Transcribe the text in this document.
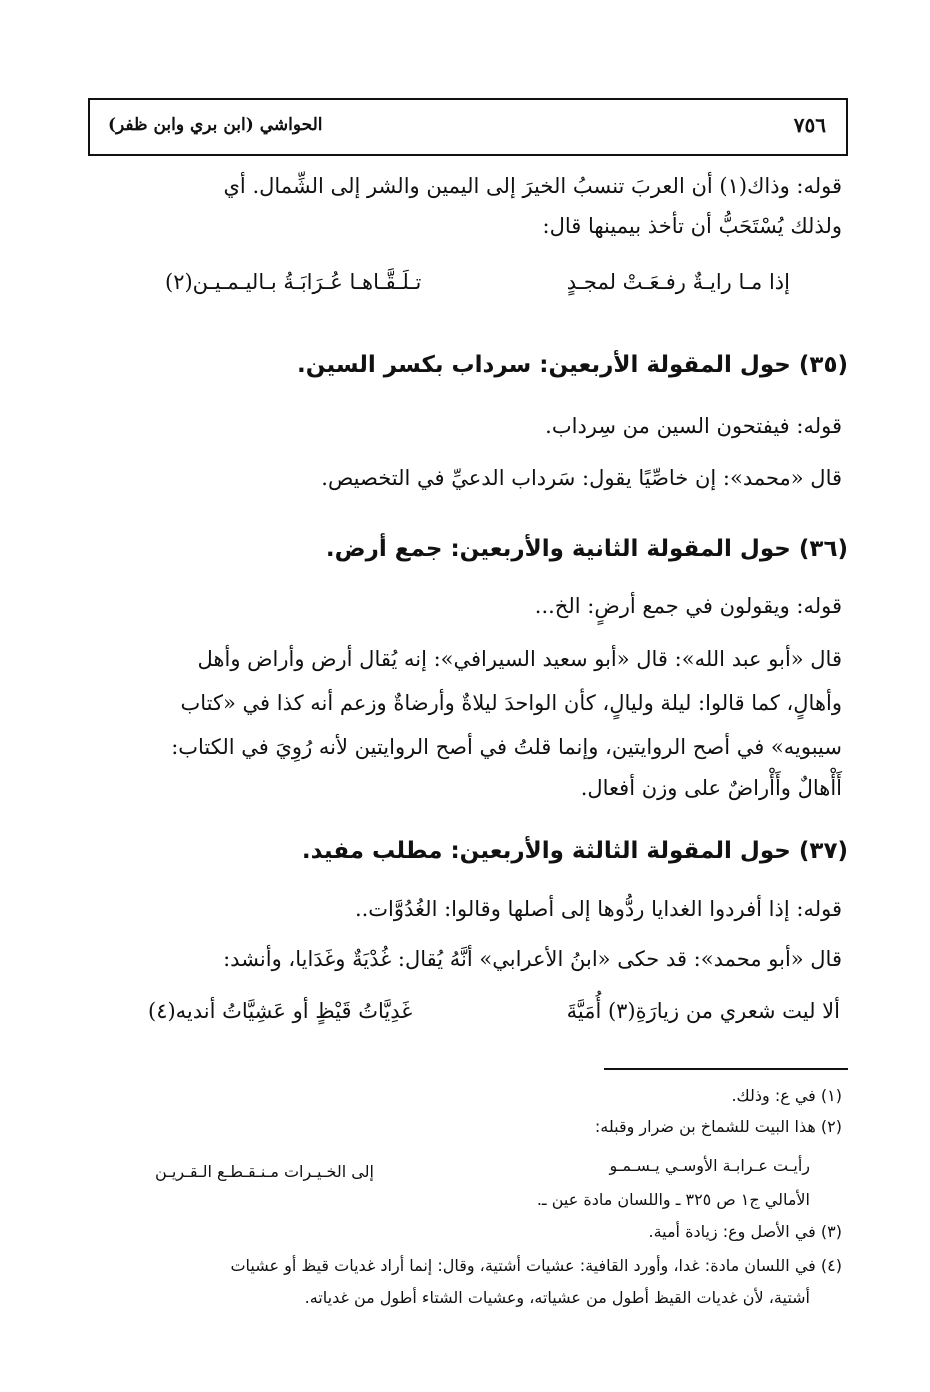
الحواشي (ابن بري وابن ظفر)	٧٥٦
قوله: وذاك(١) أن العربَ تنسبُ الخيرَ إلى اليمين والشر إلى الشِّمال. أي
ولذلك يُسْتَحَبُّ أن تأخذ بيمينها قال:
إذا مـا رايـةٌ رفـعَـتْ لمجـدٍ
تـلَـقَّـاهـا عُـرَابَـةُ بـاليـمـيـن(٢)
(٣٥) حول المقولة الأربعين: سرداب بكسر السين.
قوله: فيفتحون السين من سِرداب.
قال «محمد»: إن خاصِّيًا يقول: سَرداب الدعيِّ في التخصيص.
(٣٦) حول المقولة الثانية والأربعين: جمع أرض.
قوله: ويقولون في جمع أرضٍ: الخ...
قال «أبو عبد الله»: قال «أبو سعيد السيرافي»: إنه يُقال أرض وأراض وأهل
وأهالٍ، كما قالوا: ليلة وليالٍ، كأن الواحدَ ليلاةٌ وأرضاةٌ وزعم أنه كذا في «كتاب
سيبويه» في أصح الروايتين، وإنما قلتُ في أصح الروايتين لأنه رُوِيَ في الكتاب:
أَأْهالٌ وأَأْراضٌ على وزن أفعال.
(٣٧) حول المقولة الثالثة والأربعين: مطلب مفيد.
قوله: إذا أفردوا الغدايا ردُّوها إلى أصلها وقالوا: الغُدُوَّات..
قال «أبو محمد»: قد حكى «ابنُ الأعرابي» أنَّهُ يُقال: غُدْيَةٌ وغَدَايا، وأنشد:
ألا ليت شعري من زيارَةِ(٣) أُمَيَّةَ
غَدِيَّاتُ قَيْظٍ أو عَشِيَّاتُ أنديه(٤)
(١) في ع: وذلك.
(٢) هذا البيت للشماخ بن ضرار وقبله:
رأيـت عـرابـة الأوسـي يـسـمـو
إلى الخـيـرات مـنـقـطـع الـقـريـن
الأمالي ج١ ص ٣٢٥ ـ واللسان مادة عين ـ.
(٣) في الأصل وع: زيادة أمية.
(٤) في اللسان مادة: غدا، وأورد القافية: عشيات أشتية، وقال: إنما أراد غديات قيظ أو عشيات
أشتية، لأن غديات القيظ أطول من عشياته، وعشيات الشتاء أطول من غدياته.
